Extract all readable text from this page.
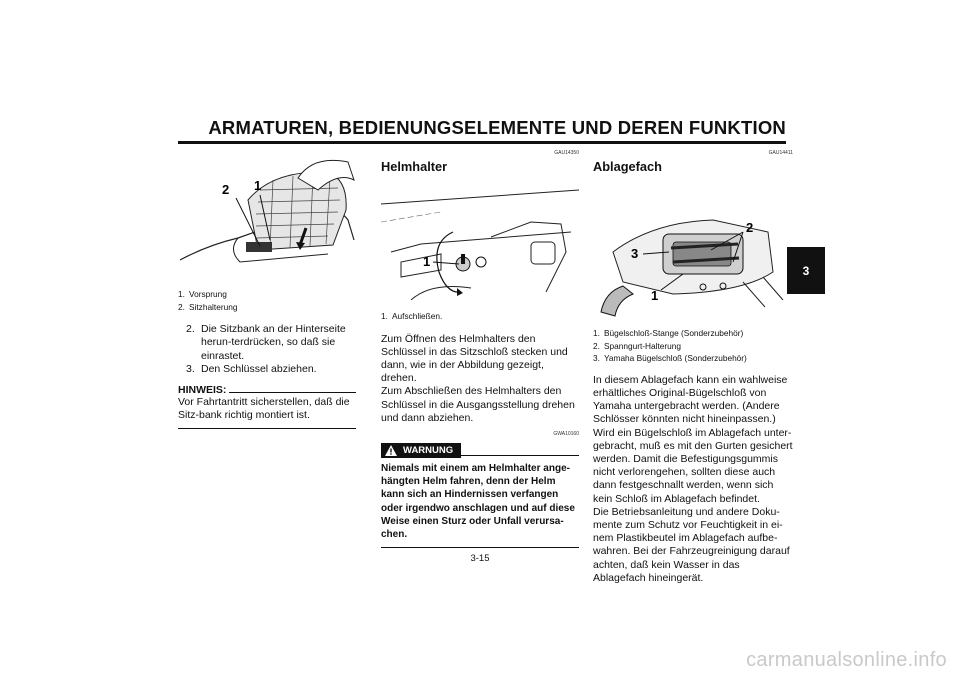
ARMATUREN, BEDIENUNGSELEMENTE UND DEREN FUNKTION
3
2 1
1. Vorsprung
2. Sitzhalterung
2. Die Sitzbank an der Hinterseite herun-terdrücken, so daß sie einrastet.
3. Den Schlüssel abziehen.
HINWEIS:
Vor Fahrtantritt sicherstellen, daß die Sitz-bank richtig montiert ist.
GAU14350
Helmhalter
1
1. Aufschließen.
Zum Öffnen des Helmhalters den Schlüssel in das Sitzschloß stecken und dann, wie in der Abbildung gezeigt, drehen.
Zum Abschließen des Helmhalters den Schlüssel in die Ausgangsstellung drehen und dann abziehen.
GWA10160
WARNUNG
Niemals mit einem am Helmhalter ange-hängten Helm fahren, denn der Helm kann sich an Hindernissen verfangen oder irgendwo anschlagen und auf diese Weise einen Sturz oder Unfall verursa-chen.
GAU14411
Ablagefach
2
3
1
1. Bügelschloß-Stange (Sonderzubehör)
2. Spanngurt-Halterung
3. Yamaha Bügelschloß (Sonderzubehör)
In diesem Ablagefach kann ein wahlweise erhältliches Original-Bügelschloß von Yamaha untergebracht werden. (Andere Schlösser könnten nicht hineinpassen.) Wird ein Bügelschloß im Ablagefach unter-gebracht, muß es mit den Gurten gesichert werden. Damit die Befestigungsgummis nicht verlorengehen, sollten diese auch dann festgeschnallt werden, wenn sich kein Schloß im Ablagefach befindet.
Die Betriebsanleitung und andere Doku-mente zum Schutz vor Feuchtigkeit in ei-nem Plastikbeutel im Ablagefach aufbe-wahren. Bei der Fahrzeugreinigung darauf achten, daß kein Wasser in das Ablagefach hineingerät.
3-15
carmanualsonline.info
